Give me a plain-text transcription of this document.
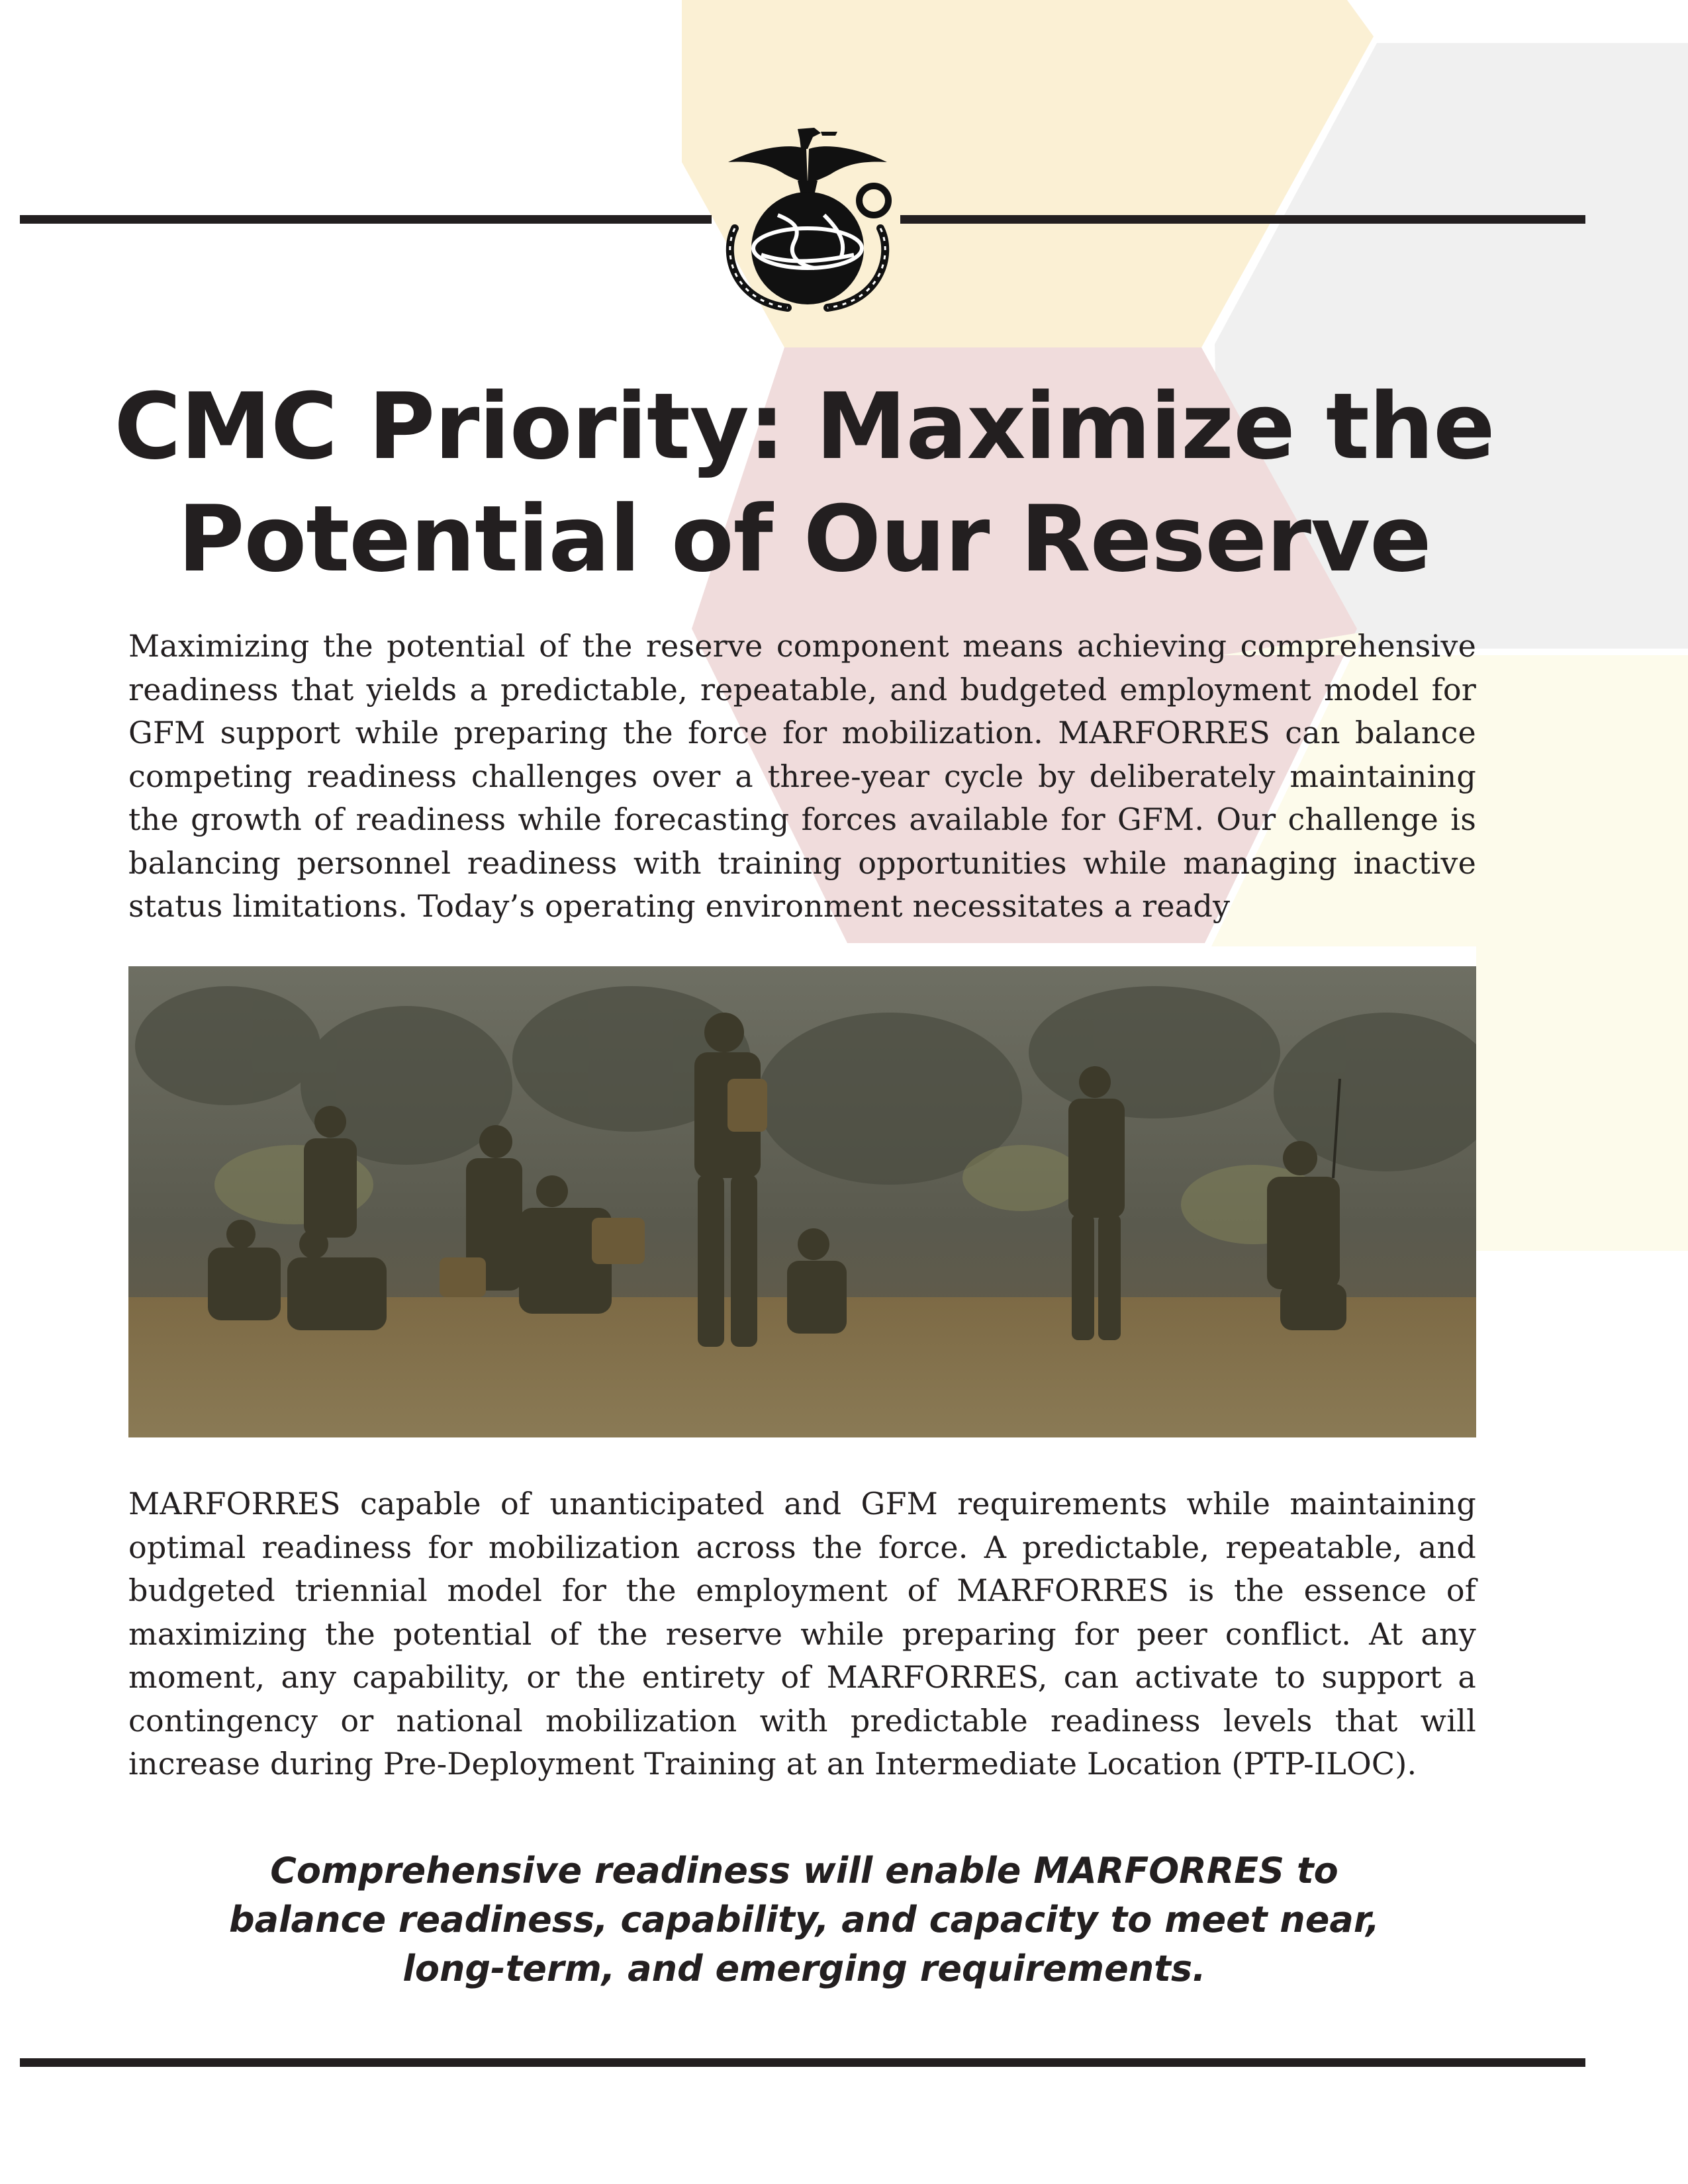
CMC Priority: Maximize the
Potential of Our Reserve

Maximizing the potential of the reserve component means achieving comprehensive readiness that yields a predictable, repeatable, and budgeted employment model for GFM support while preparing the force for mobilization. MARFORRES can balance competing readiness challenges over a three-year cycle by deliberately maintaining the growth of readiness while forecasting forces available for GFM. Our challenge is balancing personnel readiness with training opportunities while managing inactive status limitations. Today’s operating environment necessitates a ready

MARFORRES capable of unanticipated and GFM requirements while maintaining optimal readiness for mobilization across the force. A predictable, repeatable, and budgeted triennial model for the employment of MARFORRES is the essence of maximizing the potential of the reserve while preparing for peer conflict. At any moment, any capability, or the entirety of MARFORRES, can activate to support a contingency or national mobilization with predictable readiness levels that will increase during Pre-Deployment Training at an Intermediate Location (PTP-ILOC).

Comprehensive readiness will enable MARFORRES to
balance readiness, capability, and capacity to meet near,
long-term, and emerging requirements.
